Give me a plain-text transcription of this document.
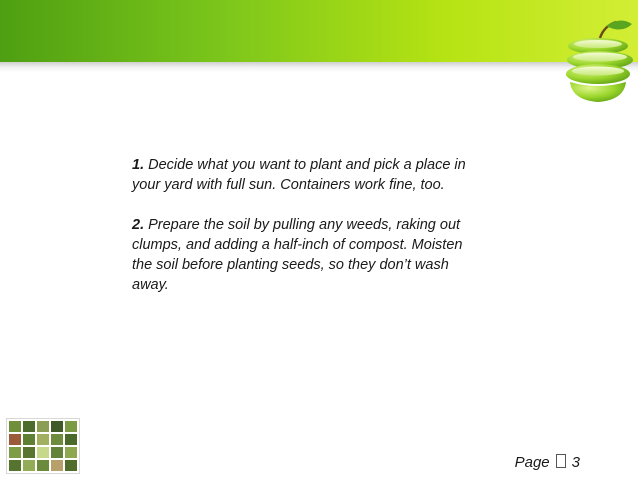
1. Decide what you want to plant and pick a place in your yard with full sun. Containers work fine, too.

2. Prepare the soil by pulling any weeds, raking out clumps, and adding a half-inch of compost. Moisten the soil before planting seeds, so they don’t wash away.

Page 3
